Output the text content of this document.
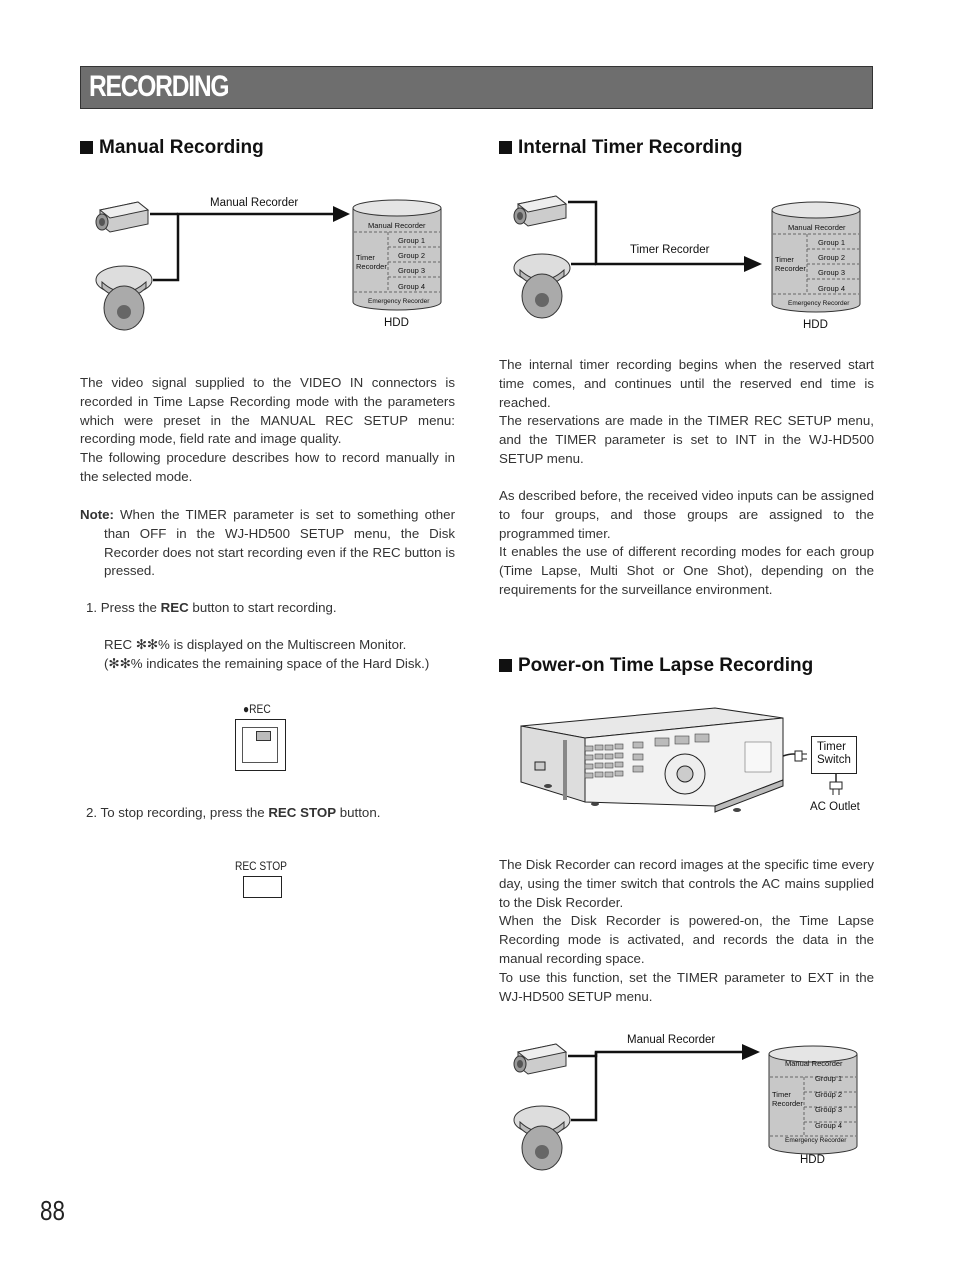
RECORDING
Manual Recording
Manual Recorder
Timer
Recorder
Group 1
Group 2
Group 3
Group 4
Emergency Recorder
Manual Recorder
HDD

The video signal supplied to the VIDEO IN connectors is recorded in Time Lapse Recording mode with the parameters which were preset in the MANUAL REC SETUP menu: recording mode, field rate and image quality.

The following procedure describes how to record manually in the selected mode.

Note: When the TIMER parameter is set to something other than OFF in the WJ-HD500 SETUP menu, the Disk Recorder does not start recording even if the REC button is pressed.
1. Press the REC button to start recording.

REC ✻✻% is displayed on the Multiscreen Monitor.

(✻✻% indicates the remaining space of the Hard Disk.)

●REC
2. To stop recording, press the REC STOP button.
REC STOP
Internal Timer Recording
Manual Recorder
Timer
Recorder
Group 1
Group 2
Group 3
Group 4
Emergency Recorder
Timer Recorder
HDD

The internal timer recording begins when the reserved start time comes, and continues until the reserved end time is reached.

The reservations are made in the TIMER REC SETUP menu, and the TIMER parameter is set to INT in the WJ-HD500 SETUP menu.

As described before, the received video inputs can be assigned to four groups, and those groups are assigned to the programmed timer.

It enables the use of different recording modes for each group (Time Lapse, Multi Shot or One Shot), depending on the requirements for the surveillance environment.

Power-on Time Lapse Recording
Timer
Switch
AC Outlet

The Disk Recorder can record images at the specific time every day, using the timer switch that controls the AC mains supplied to the Disk Recorder.

When the Disk Recorder is powered-on, the Time Lapse Recording mode is activated, and records the data in the manual recording space.

To use this function, set the TIMER parameter to EXT in the WJ-HD500 SETUP menu.

Manual Recorder
Timer
Recorder
Group 1
Group 2
Group 3
Group 4
Emergency Recorder
Manual Recorder
HDD
88
